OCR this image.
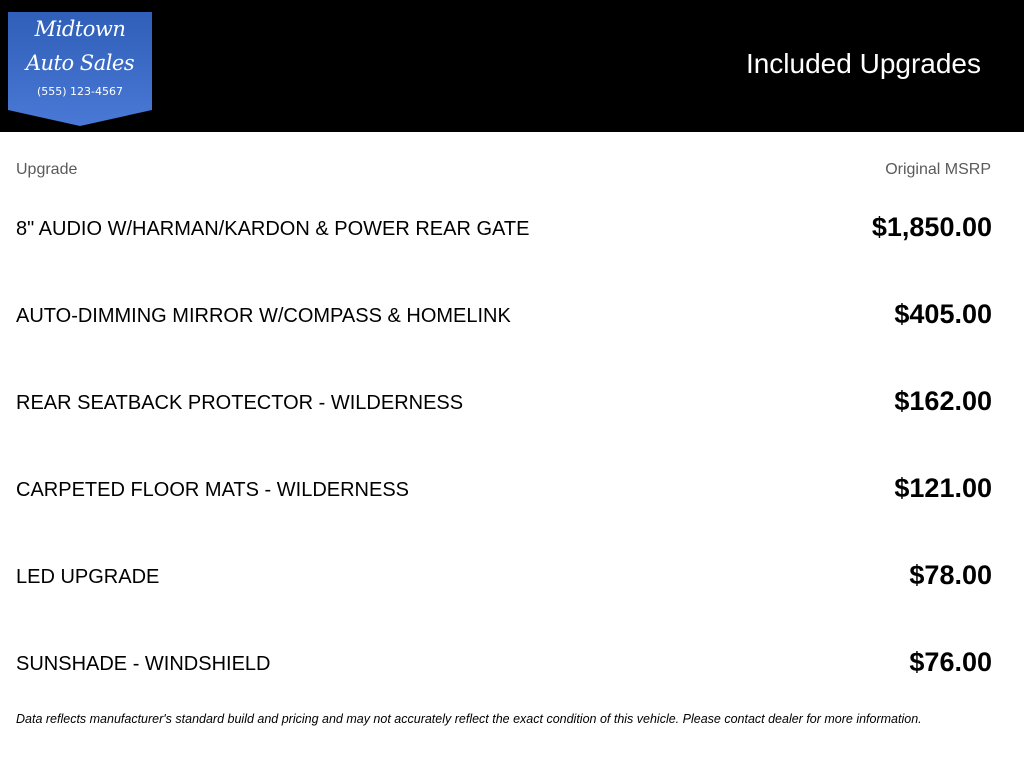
Midtown
Auto Sales
(555) 123-4567
Included Upgrades
Upgrade	Original MSRP
8" AUDIO W/HARMAN/KARDON & POWER REAR GATE	$1,850.00
AUTO-DIMMING MIRROR W/COMPASS & HOMELINK	$405.00
REAR SEATBACK PROTECTOR - WILDERNESS	$162.00
CARPETED FLOOR MATS - WILDERNESS	$121.00
LED UPGRADE	$78.00
SUNSHADE - WINDSHIELD	$76.00
Data reflects manufacturer's standard build and pricing and may not accurately reflect the exact condition of this vehicle. Please contact dealer for more information.
